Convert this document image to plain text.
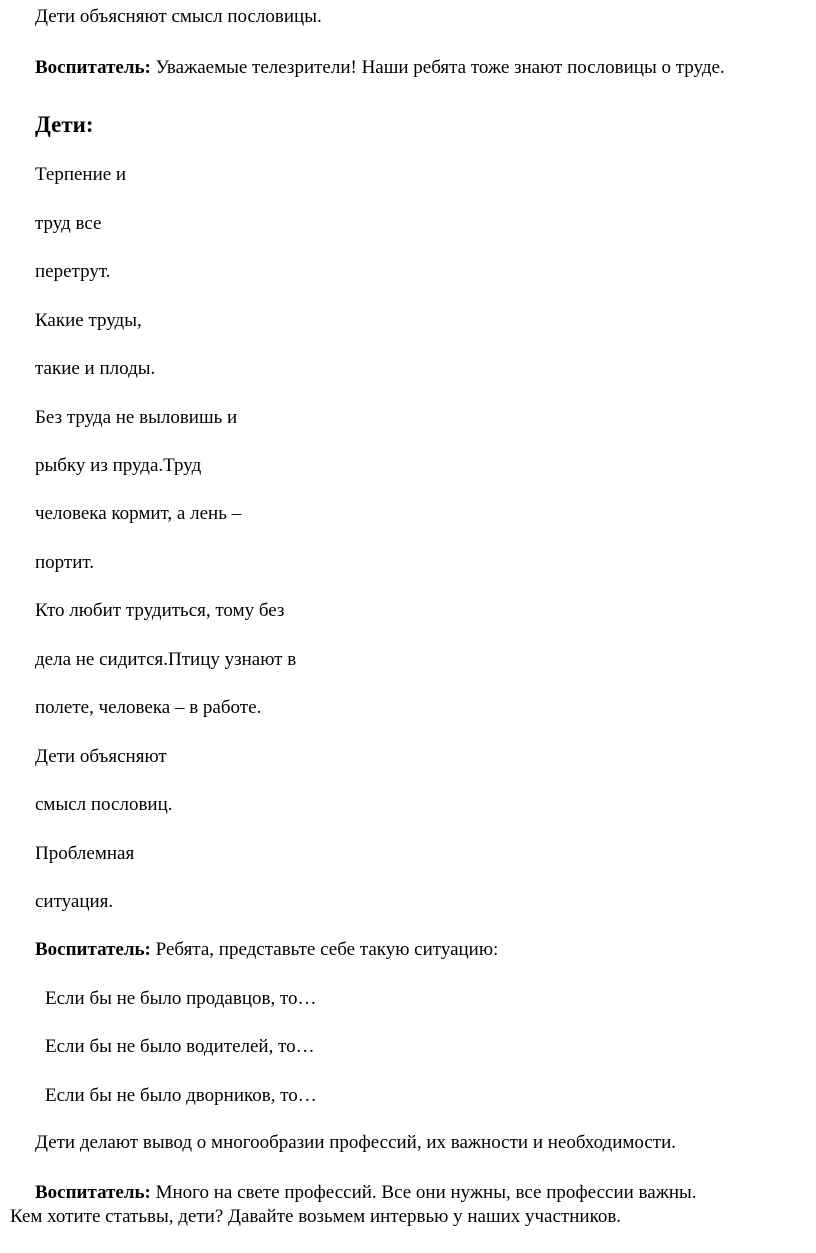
Дети объясняют смысл пословицы.
Воспитатель: Уважаемые телезрители! Наши ребята тоже знают пословицы о труде.
Дети:
Терпение и
труд все
перетрут.
Какие труды,
такие и плоды.
Без труда не выловишь и
рыбку из пруда.Труд
человека кормит, а лень –
портит.
Кто любит трудиться, тому без
дела не сидится.Птицу узнают в
полете, человека – в работе.
Дети объясняют
смысл пословиц.
Проблемная
ситуация.
Воспитатель: Ребята, представьте себе такую ситуацию:
Если бы не было продавцов, то…
Если бы не было водителей, то…
Если бы не было дворников, то…
Дети делают вывод о многообразии профессий, их важности и необходимости.
Воспитатель: Много на свете профессий. Все они нужны, все профессии важны.
Кем хотите статьвы, дети? Давайте возьмем интервью у наших участников.
